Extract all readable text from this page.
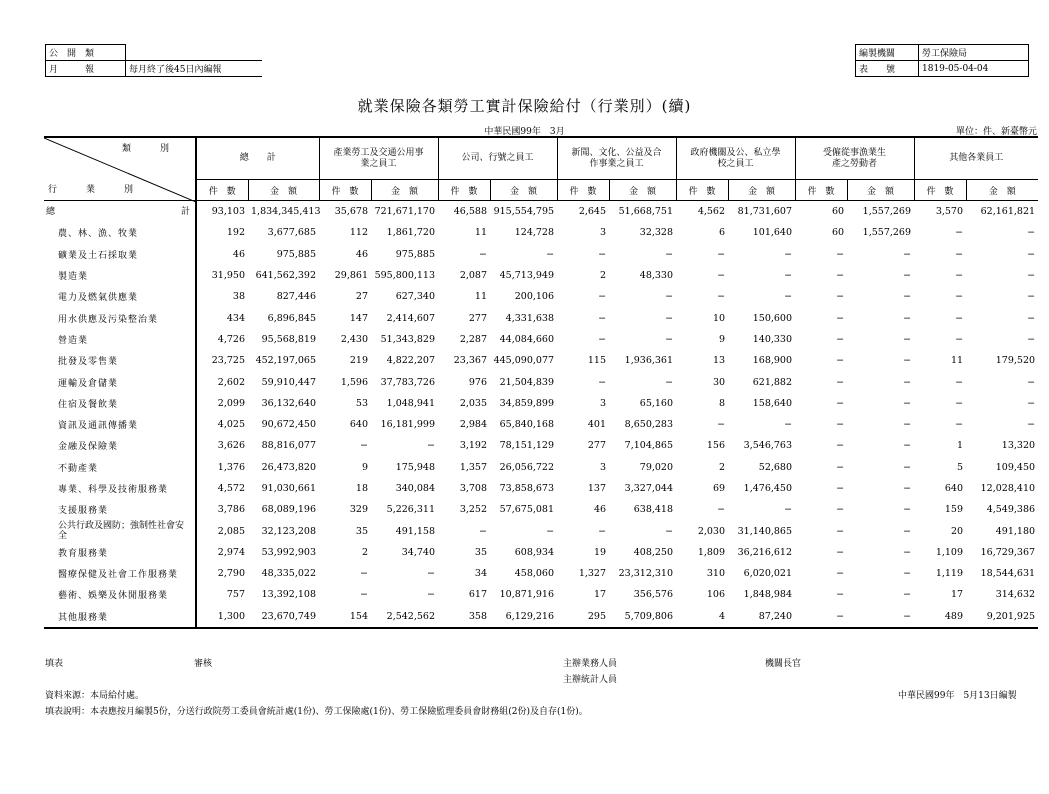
公　開　類	
月　　　報	每月終了後45日內編報
編製機關	勞工保險局
表　　號	1819-05-04-04
就業保險各類勞工實計保險給付（行業別）(續)
中華民國99年　3月	單位：件、新臺幣元
類　別
行　業　別	總　　計		產業勞工及交通公用事業之員工		公司、行號之員工		新聞、文化、公益及合作事業之員工		政府機關及公、私立學校之員工		受僱從事漁業生產之勞動者		其他各業員工	
	件　數	金　額	件　數	金　額	件　數	金　額	件　數	金　額	件　數	金　額	件　數	金　額	件　數	金　額
總　　　　　　　　　　　　　　計	93,103	1,834,345,413	35,678	721,671,170	46,588	915,554,795	2,645	51,668,751	4,562	81,731,607	60	1,557,269	3,570	62,161,821
農、林、漁、牧業	192	3,677,685	112	1,861,720	11	124,728	3	32,328	6	101,640	60	1,557,269	−	−
礦業及土石採取業	46	975,885	46	975,885	−	−	−	−	−	−	−	−	−	−
製造業	31,950	641,562,392	29,861	595,800,113	2,087	45,713,949	2	48,330	−	−	−	−	−	−
電力及燃氣供應業	38	827,446	27	627,340	11	200,106	−	−	−	−	−	−	−	−
用水供應及污染整治業	434	6,896,845	147	2,414,607	277	4,331,638	−	−	10	150,600	−	−	−	−
營造業	4,726	95,568,819	2,430	51,343,829	2,287	44,084,660	−	−	9	140,330	−	−	−	−
批發及零售業	23,725	452,197,065	219	4,822,207	23,367	445,090,077	115	1,936,361	13	168,900	−	−	11	179,520
運輸及倉儲業	2,602	59,910,447	1,596	37,783,726	976	21,504,839	−	−	30	621,882	−	−	−	−
住宿及餐飲業	2,099	36,132,640	53	1,048,941	2,035	34,859,899	3	65,160	8	158,640	−	−	−	−
資訊及通訊傳播業	4,025	90,672,450	640	16,181,999	2,984	65,840,168	401	8,650,283	−	−	−	−	−	−
金融及保險業	3,626	88,816,077	−	−	3,192	78,151,129	277	7,104,865	156	3,546,763	−	−	1	13,320
不動產業	1,376	26,473,820	9	175,948	1,357	26,056,722	3	79,020	2	52,680	−	−	5	109,450
專業、科學及技術服務業	4,572	91,030,661	18	340,084	3,708	73,858,673	137	3,327,044	69	1,476,450	−	−	640	12,028,410
支援服務業	3,786	68,089,196	329	5,226,311	3,252	57,675,081	46	638,418	−	−	−	−	159	4,549,386
公共行政及國防；強制性社會安全	2,085	32,123,208	35	491,158	−	−	−	−	2,030	31,140,865	−	−	20	491,180
教育服務業	2,974	53,992,903	2	34,740	35	608,934	19	408,250	1,809	36,216,612	−	−	1,109	16,729,367
醫療保健及社會工作服務業	2,790	48,335,022	−	−	34	458,060	1,327	23,312,310	310	6,020,021	−	−	1,119	18,544,631
藝術、娛樂及休閒服務業	757	13,392,108	−	−	617	10,871,916	17	356,576	106	1,848,984	−	−	17	314,632
其他服務業	1,300	23,670,749	154	2,542,562	358	6,129,216	295	5,709,806	4	87,240	−	−	489	9,201,925
填表	審核	主辦業務人員
主辦統計人員
機關長官
資料來源：本局給付處。	中華民國99年　5月13日編製
填表說明：本表應按月編製5份，分送行政院勞工委員會統計處(1份)、勞工保險處(1份)、勞工保險監理委員會財務組(2份)及自存(1份)。
